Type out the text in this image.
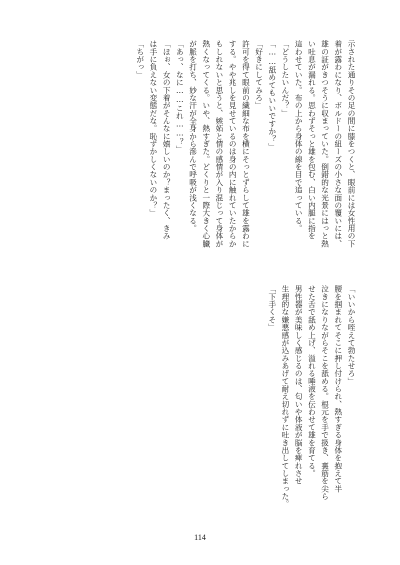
示された通りその足の間に膝をつくと、眼前には女性用の下

着が露わになり、ボルドーの紐ーズの小さな面の覆いには、

雄の証がきつそうに収まっていた。倒錯的な光景にはっと熱

い吐息が漏れる。思わずそっと雄を包む、白い内腿に指を

這わせていた。布の上から身体の線を目で追っている。

「どうしたいんだ？」

「……舐めてもいいですか？」

「好きにしてみろ」

許可を得て眼前の繊細な布を横にそっとずらして雄を露わに

する。やや兆しを見せているのは身の内に触れていたからか

もしれないと思うと、嫉妬と情の感情が入り混じって身体が

熱くなってくる。いや、熱すぎた。どくりと一際大きく心臓

が脈を打ち、妙な汗が全身から滲んで呼吸が浅くなる。

「あっ、なに……これ……？」

「ほぉ、女の下着がそんなに嬉しいのか？まったく、きみ

は手に負えない変態だな。恥ずかしくないのか？」

「ちがっ」

「いいから咥えて勃たせろ」

腰を掴まれてそこに押し付けられ、熱すぎる身体を抱えて半

泣きになりながらそこを舐める。根元を手で扱き、裏筋を尖ら

せた舌で舐め上げ、溢れる唾液を伝わせて雄を育てる。

男性器が美味しく感じるのは、匂いや体液が脳を痺れさせ

生理的な嫌悪感が込みあげて耐え切れずに吐き出してしまった。

「下手くそ」

114
